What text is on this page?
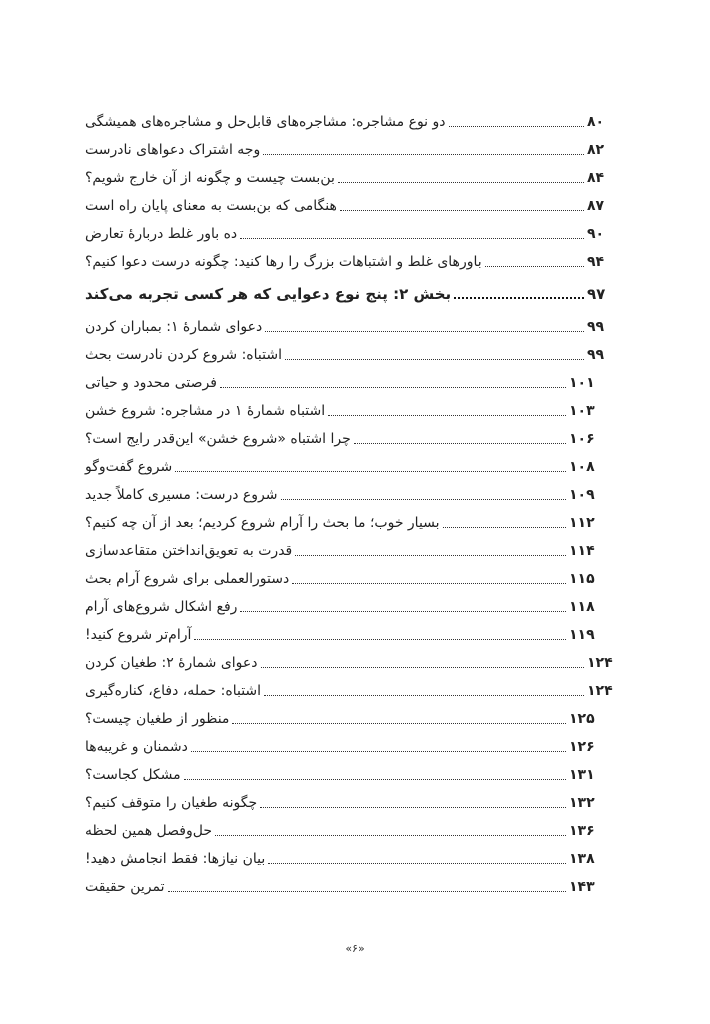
دو نوع مشاجره: مشاجره‌های قابل‌حل و مشاجره‌های همیشگی	۸۰
وجه اشتراک دعواهای نادرست	۸۲
بن‌بست چیست و چگونه از آن خارج شویم؟	۸۴
هنگامی که بن‌بست به معنای پایان راه است	۸۷
ده باور غلط دربارهٔ تعارض	۹۰
باورهای غلط و اشتباهات بزرگ را رها کنید: چگونه درست دعوا کنیم؟	۹۴
بخش ۲: پنج نوع دعوایی که هر کسی تجربه می‌کند	۹۷
دعوای شمارهٔ ۱: بمباران کردن	۹۹
اشتباه: شروع کردن نادرست بحث	۹۹
فرصتی محدود و حیاتی	۱۰۱
اشتباه شمارهٔ ۱ در مشاجره: شروع خشن	۱۰۳
چرا اشتباه «شروع خشن» این‌قدر رایج است؟	۱۰۶
شروع گفت‌وگو	۱۰۸
شروع درست: مسیری کاملاً جدید	۱۰۹
بسیار خوب؛ ما بحث را آرام شروع کردیم؛ بعد از آن چه کنیم؟	۱۱۲
قدرت به تعویق‌انداختن متقاعدسازی	۱۱۴
دستورالعملی برای شروع آرام بحث	۱۱۵
رفع اشکال شروع‌های آرام	۱۱۸
آرام‌تر شروع کنید!	۱۱۹
دعوای شمارهٔ ۲: طغیان کردن	۱۲۴
اشتباه: حمله، دفاع، کناره‌گیری	۱۲۴
منظور از طغیان چیست؟	۱۲۵
دشمنان و غریبه‌ها	۱۲۶
مشکل کجاست؟	۱۳۱
چگونه طغیان را متوقف کنیم؟	۱۳۲
حل‌وفصل همین لحظه	۱۳۶
بیان نیازها: فقط انجامش دهید!	۱۳۸
تمرین حقیقت	۱۴۳
«۶»
